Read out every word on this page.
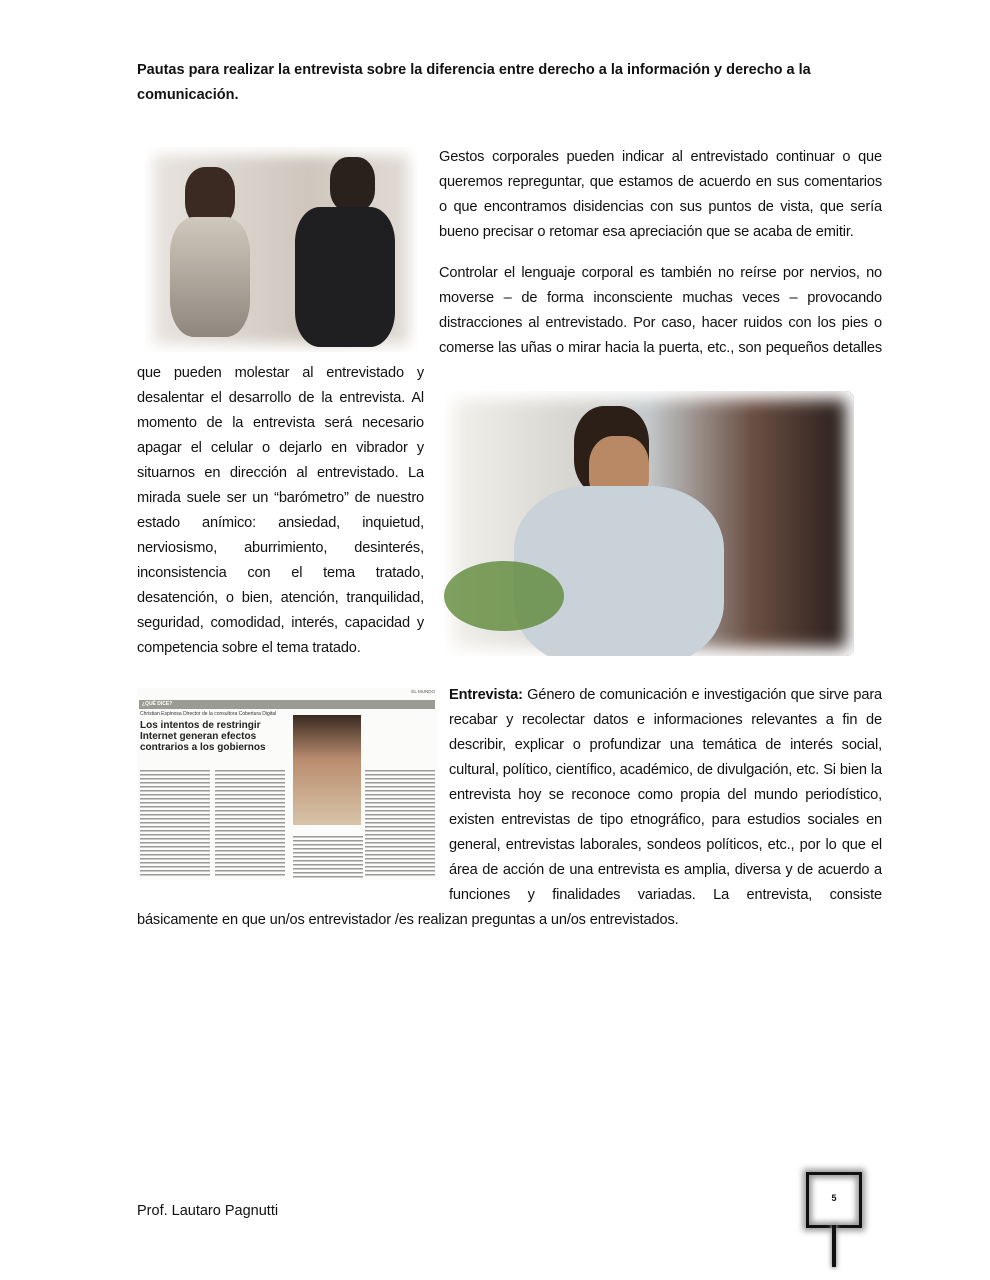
Pautas para realizar la entrevista sobre la diferencia entre derecho a la información y derecho a la comunicación.

Gestos corporales pueden indicar al entrevistado continuar o que queremos repreguntar, que estamos de acuerdo en sus comentarios o que encontramos disidencias con sus puntos de vista, que sería bueno precisar o retomar esa apreciación que se acaba de emitir.

Controlar el lenguaje corporal es también no reírse por nervios, no moverse – de forma inconsciente muchas veces – provocando distracciones al entrevistado. Por caso, hacer ruidos con los pies o comerse las uñas o mirar hacia la puerta, etc., son pequeños detalles que pueden molestar al entrevistado y desalentar el desarrollo de la entrevista. Al momento de la entrevista será necesario apagar el celular o dejarlo en vibrador y situarnos en dirección al entrevistado. La mirada suele ser un “barómetro” de nuestro estado anímico: ansiedad, inquietud, nerviosismo, aburrimiento, desinterés, inconsistencia con el tema tratado, desatención, o bien, atención, tranquilidad, seguridad, comodidad, interés, capacidad y competencia sobre el tema tratado.

EL MUNDO
¿QUÉ DICE?
Christian Espinosa Director de la consultora Cobertura Digital
Los intentos de restringir Internet generan efectos contrarios a los gobiernos
Entrevista: Género de comunicación e investigación que sirve para recabar y recolectar datos e informaciones relevantes a fin de describir, explicar o profundizar una temática de interés social, cultural, político, científico, académico, de divulgación, etc. Si bien la entrevista hoy se reconoce como propia del mundo periodístico, existen entrevistas de tipo etnográfico, para estudios sociales en general, entrevistas laborales, sondeos políticos, etc., por lo que el área de acción de una entrevista es amplia, diversa y de acuerdo a funciones y finalidades variadas. La entrevista, consiste básicamente en que un/os entrevistador /es realizan preguntas a un/os entrevistados.

Prof. Lautaro Pagnutti
5
